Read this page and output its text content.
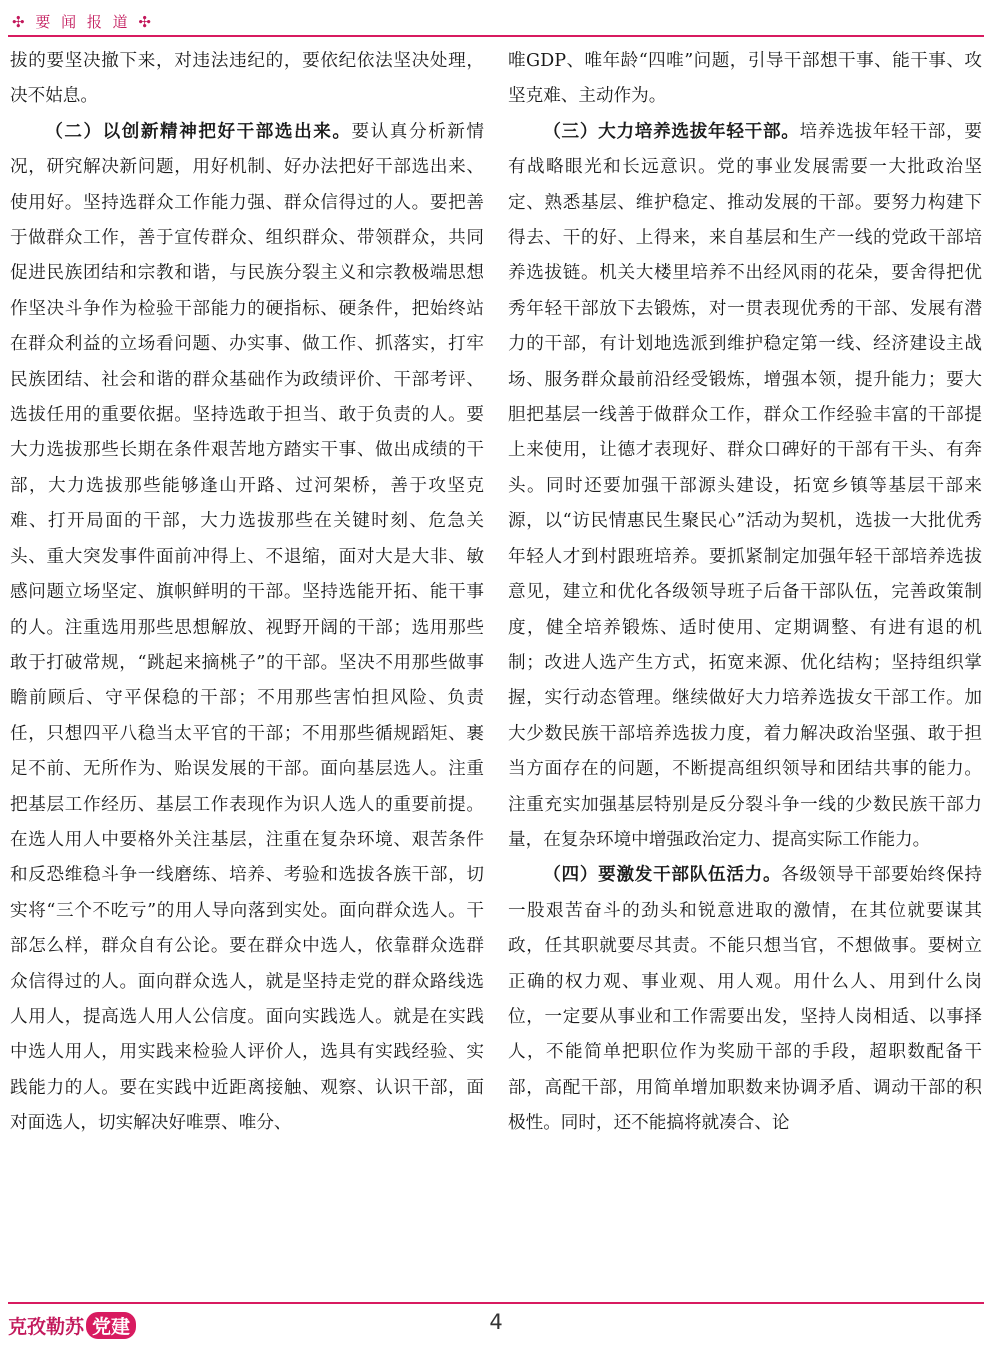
✣ 要 闻 报 道 ✣

拔的要坚决撤下来，对违法违纪的，要依纪依法坚决处理，决不姑息。

（二）以创新精神把好干部选出来。要认真分析新情况，研究解决新问题，用好机制、好办法把好干部选出来、使用好。坚持选群众工作能力强、群众信得过的人。要把善于做群众工作，善于宣传群众、组织群众、带领群众，共同促进民族团结和宗教和谐，与民族分裂主义和宗教极端思想作坚决斗争作为检验干部能力的硬指标、硬条件，把始终站在群众利益的立场看问题、办实事、做工作、抓落实，打牢民族团结、社会和谐的群众基础作为政绩评价、干部考评、选拔任用的重要依据。坚持选敢于担当、敢于负责的人。要大力选拔那些长期在条件艰苦地方踏实干事、做出成绩的干部，大力选拔那些能够逢山开路、过河架桥，善于攻坚克难、打开局面的干部，大力选拔那些在关键时刻、危急关头、重大突发事件面前冲得上、不退缩，面对大是大非、敏感问题立场坚定、旗帜鲜明的干部。坚持选能开拓、能干事的人。注重选用那些思想解放、视野开阔的干部；选用那些敢于打破常规，“跳起来摘桃子”的干部。坚决不用那些做事瞻前顾后、守平保稳的干部；不用那些害怕担风险、负责任，只想四平八稳当太平官的干部；不用那些循规蹈矩、裹足不前、无所作为、贻误发展的干部。面向基层选人。注重把基层工作经历、基层工作表现作为识人选人的重要前提。在选人用人中要格外关注基层，注重在复杂环境、艰苦条件和反恐维稳斗争一线磨练、培养、考验和选拔各族干部，切实将“三个不吃亏”的用人导向落到实处。面向群众选人。干部怎么样，群众自有公论。要在群众中选人，依靠群众选群众信得过的人。面向群众选人，就是坚持走党的群众路线选人用人，提高选人用人公信度。面向实践选人。就是在实践中选人用人，用实践来检验人评价人，选具有实践经验、实践能力的人。要在实践中近距离接触、观察、认识干部，面对面选人，切实解决好唯票、唯分、

唯GDP、唯年龄“四唯”问题，引导干部想干事、能干事、攻坚克难、主动作为。

（三）大力培养选拔年轻干部。培养选拔年轻干部，要有战略眼光和长远意识。党的事业发展需要一大批政治坚定、熟悉基层、维护稳定、推动发展的干部。要努力构建下得去、干的好、上得来，来自基层和生产一线的党政干部培养选拔链。机关大楼里培养不出经风雨的花朵，要舍得把优秀年轻干部放下去锻炼，对一贯表现优秀的干部、发展有潜力的干部，有计划地选派到维护稳定第一线、经济建设主战场、服务群众最前沿经受锻炼，增强本领，提升能力；要大胆把基层一线善于做群众工作，群众工作经验丰富的干部提上来使用，让德才表现好、群众口碑好的干部有干头、有奔头。同时还要加强干部源头建设，拓宽乡镇等基层干部来源，以“访民情惠民生聚民心”活动为契机，选拔一大批优秀年轻人才到村跟班培养。要抓紧制定加强年轻干部培养选拔意见，建立和优化各级领导班子后备干部队伍，完善政策制度，健全培养锻炼、适时使用、定期调整、有进有退的机制；改进人选产生方式，拓宽来源、优化结构；坚持组织掌握，实行动态管理。继续做好大力培养选拔女干部工作。加大少数民族干部培养选拔力度，着力解决政治坚强、敢于担当方面存在的问题，不断提高组织领导和团结共事的能力。注重充实加强基层特别是反分裂斗争一线的少数民族干部力量，在复杂环境中增强政治定力、提高实际工作能力。

（四）要激发干部队伍活力。各级领导干部要始终保持一股艰苦奋斗的劲头和锐意进取的激情，在其位就要谋其政，任其职就要尽其责。不能只想当官，不想做事。要树立正确的权力观、事业观、用人观。用什么人、用到什么岗位，一定要从事业和工作需要出发，坚持人岗相适、以事择人，不能简单把职位作为奖励干部的手段，超职数配备干部，高配干部，用简单增加职数来协调矛盾、调动干部的积极性。同时，还不能搞将就凑合、论

克孜勒苏 党建	4
